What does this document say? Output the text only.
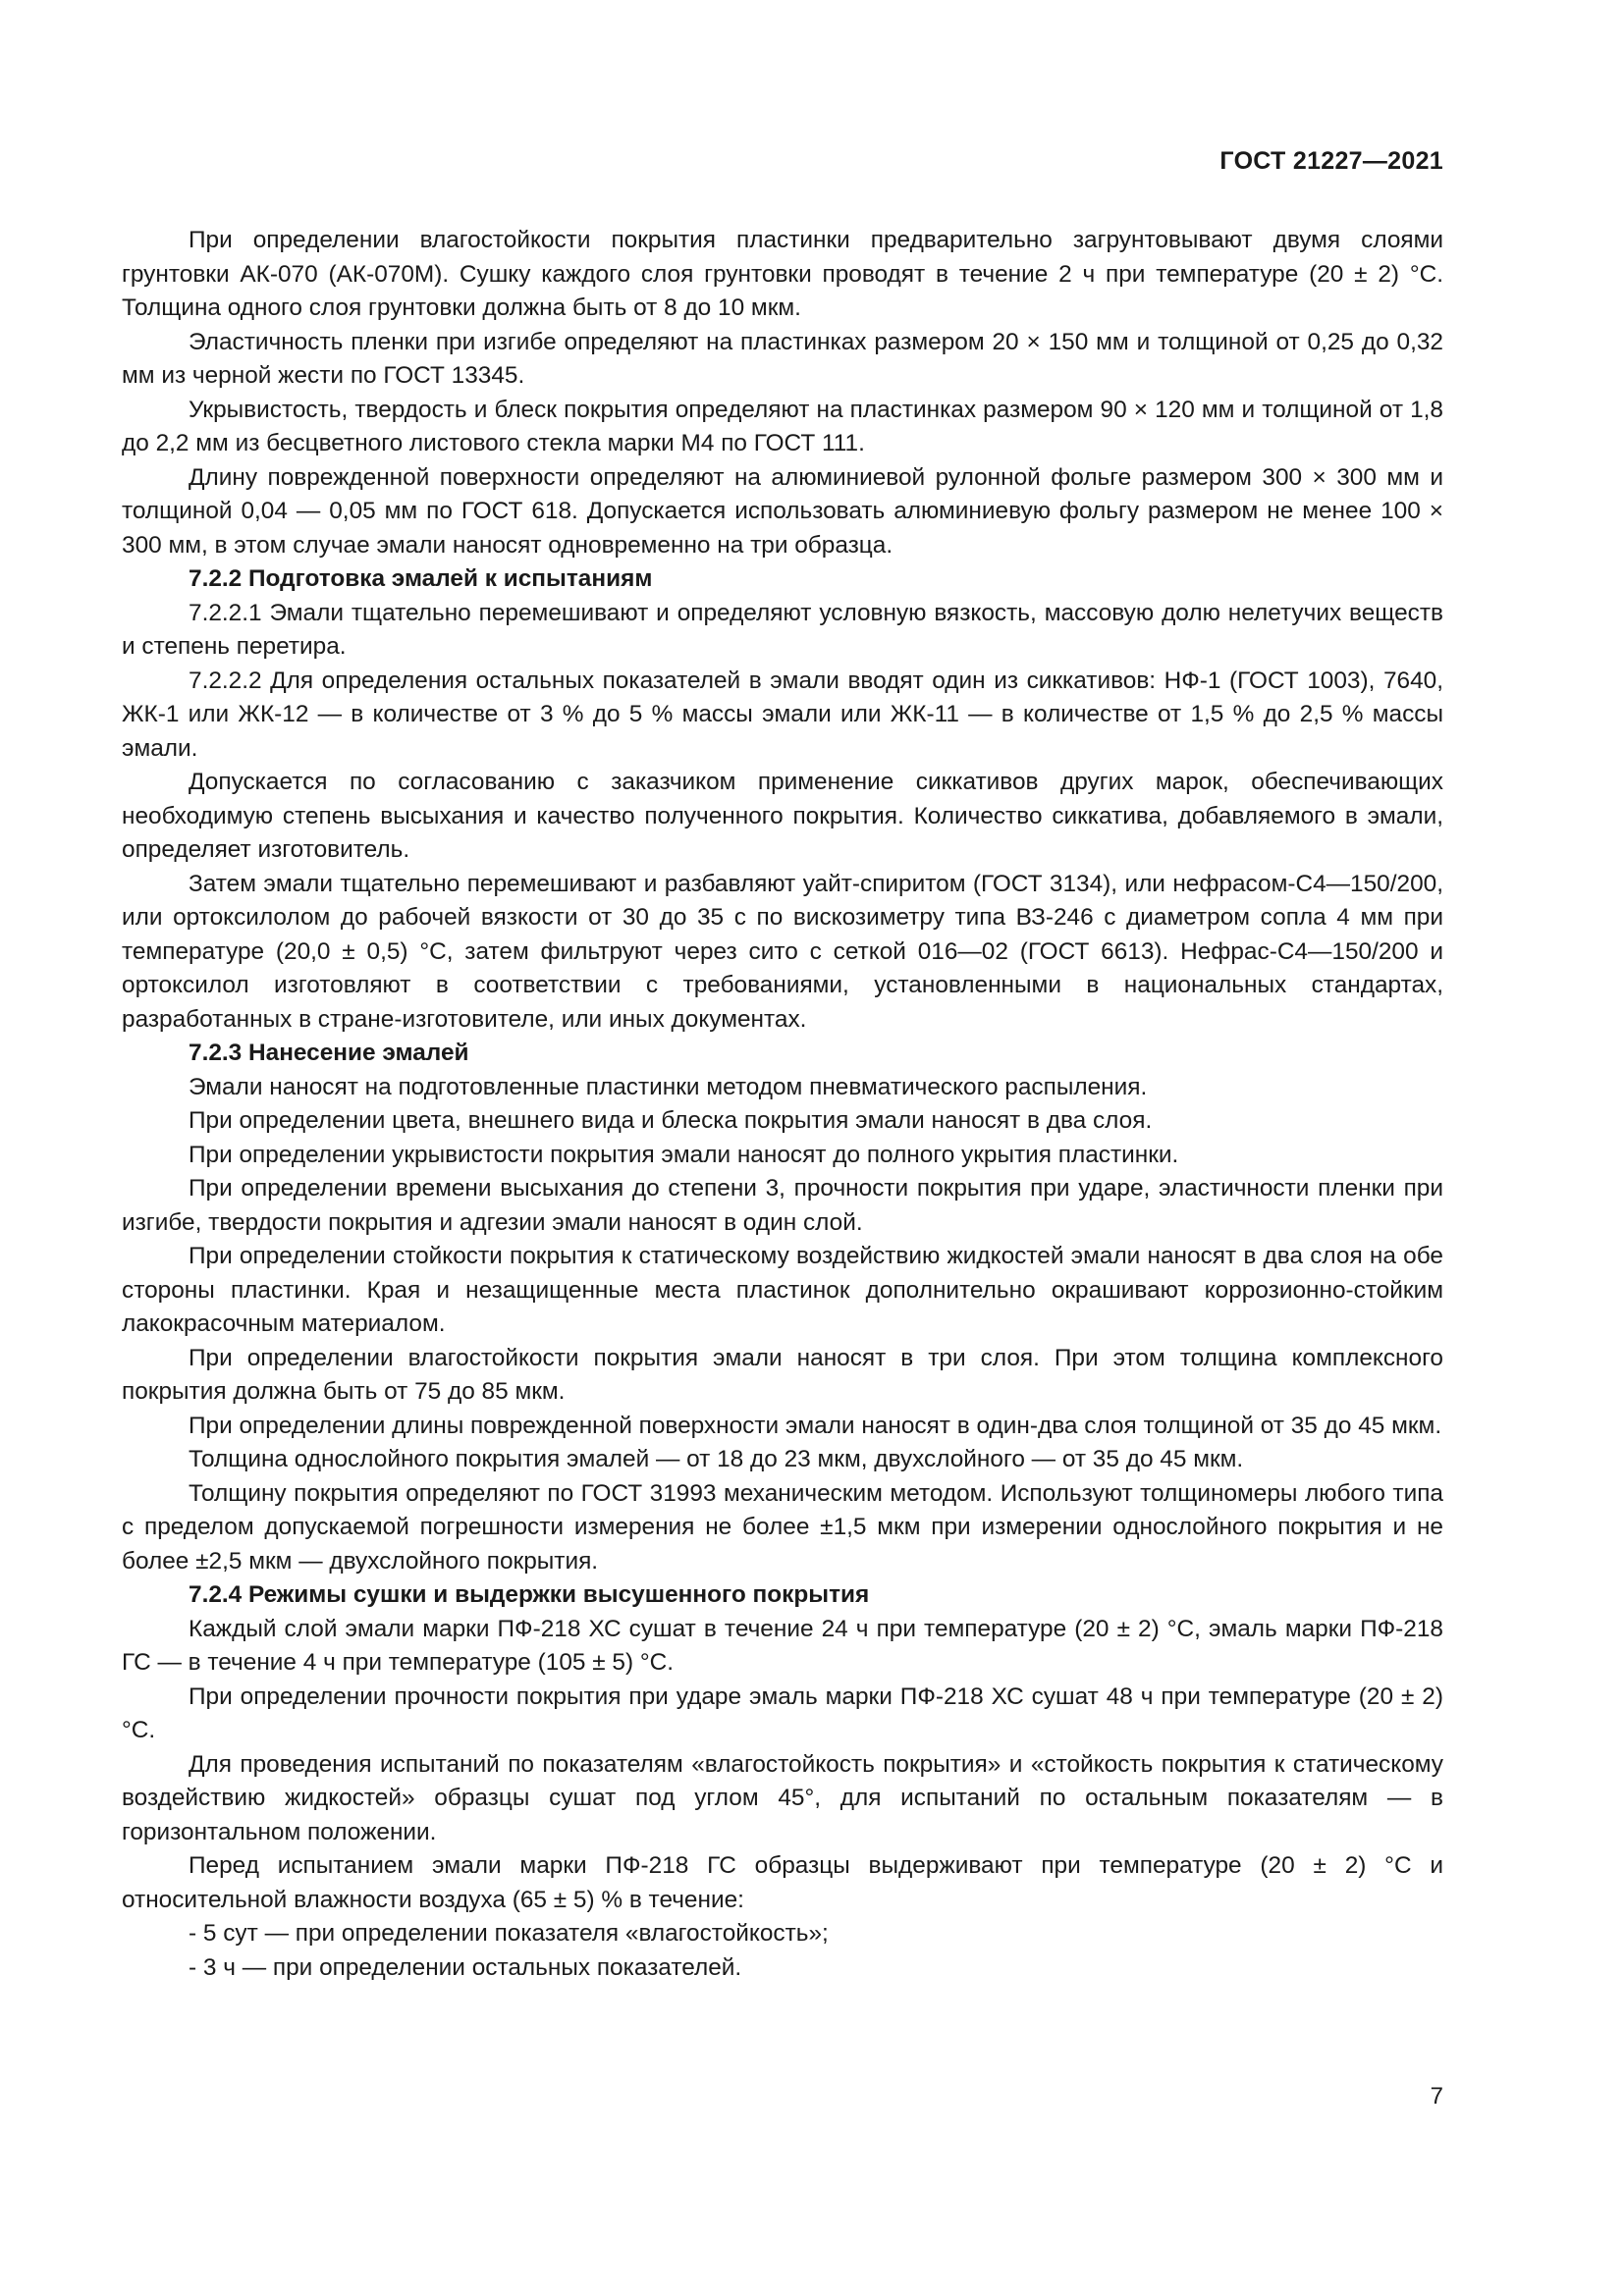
ГОСТ 21227—2021

При определении влагостойкости покрытия пластинки предварительно загрунтовывают двумя слоями грунтовки АК-070 (АК-070М). Сушку каждого слоя грунтовки проводят в течение 2 ч при температуре (20 ± 2) °С. Толщина одного слоя грунтовки должна быть от 8 до 10 мкм.

Эластичность пленки при изгибе определяют на пластинках размером 20 × 150 мм и толщиной от 0,25 до 0,32 мм из черной жести по ГОСТ 13345.

Укрывистость, твердость и блеск покрытия определяют на пластинках размером 90 × 120 мм и толщиной от 1,8 до 2,2 мм из бесцветного листового стекла марки М4 по ГОСТ 111.

Длину поврежденной поверхности определяют на алюминиевой рулонной фольге размером 300 × 300 мм и толщиной 0,04 — 0,05 мм по ГОСТ 618. Допускается использовать алюминиевую фольгу размером не менее 100 × 300 мм, в этом случае эмали наносят одновременно на три образца.

7.2.2 Подготовка эмалей к испытаниям

7.2.2.1 Эмали тщательно перемешивают и определяют условную вязкость, массовую долю нелетучих веществ и степень перетира.

7.2.2.2 Для определения остальных показателей в эмали вводят один из сиккативов: НФ-1 (ГОСТ 1003), 7640, ЖК-1 или ЖК-12 — в количестве от 3 % до 5 % массы эмали или ЖК-11 — в количестве от 1,5 % до 2,5 % массы эмали.

Допускается по согласованию с заказчиком применение сиккативов других марок, обеспечивающих необходимую степень высыхания и качество полученного покрытия. Количество сиккатива, добавляемого в эмали, определяет изготовитель.

Затем эмали тщательно перемешивают и разбавляют уайт-спиритом (ГОСТ 3134), или нефрасом-С4—150/200, или ортоксилолом до рабочей вязкости от 30 до 35 с по вискозиметру типа ВЗ-246 с диаметром сопла 4 мм при температуре (20,0 ± 0,5) °С, затем фильтруют через сито с сеткой 016—02 (ГОСТ 6613). Нефрас-С4—150/200 и ортоксилол изготовляют в соответствии с требованиями, установленными в национальных стандартах, разработанных в стране-изготовителе, или иных документах.

7.2.3 Нанесение эмалей

Эмали наносят на подготовленные пластинки методом пневматического распыления.

При определении цвета, внешнего вида и блеска покрытия эмали наносят в два слоя.

При определении укрывистости покрытия эмали наносят до полного укрытия пластинки.

При определении времени высыхания до степени 3, прочности покрытия при ударе, эластичности пленки при изгибе, твердости покрытия и адгезии эмали наносят в один слой.

При определении стойкости покрытия к статическому воздействию жидкостей эмали наносят в два слоя на обе стороны пластинки. Края и незащищенные места пластинок дополнительно окрашивают коррозионно-стойким лакокрасочным материалом.

При определении влагостойкости покрытия эмали наносят в три слоя. При этом толщина комплексного покрытия должна быть от 75 до 85 мкм.

При определении длины поврежденной поверхности эмали наносят в один-два слоя толщиной от 35 до 45 мкм.

Толщина однослойного покрытия эмалей — от 18 до 23 мкм, двухслойного — от 35 до 45 мкм.

Толщину покрытия определяют по ГОСТ 31993 механическим методом. Используют толщиномеры любого типа с пределом допускаемой погрешности измерения не более ±1,5 мкм при измерении однослойного покрытия и не более ±2,5 мкм — двухслойного покрытия.

7.2.4 Режимы сушки и выдержки высушенного покрытия

Каждый слой эмали марки ПФ-218 ХС сушат в течение 24 ч при температуре (20 ± 2) °С, эмаль марки ПФ-218 ГС — в течение 4 ч при температуре (105 ± 5) °С.

При определении прочности покрытия при ударе эмаль марки ПФ-218 ХС сушат 48 ч при температуре (20 ± 2) °С.

Для проведения испытаний по показателям «влагостойкость покрытия» и «стойкость покрытия к статическому воздействию жидкостей» образцы сушат под углом 45°, для испытаний по остальным показателям — в горизонтальном положении.

Перед испытанием эмали марки ПФ-218 ГС образцы выдерживают при температуре (20 ± 2) °С и относительной влажности воздуха (65 ± 5) % в течение:

- 5 сут — при определении показателя «влагостойкость»;

- 3 ч — при определении остальных показателей.

7
